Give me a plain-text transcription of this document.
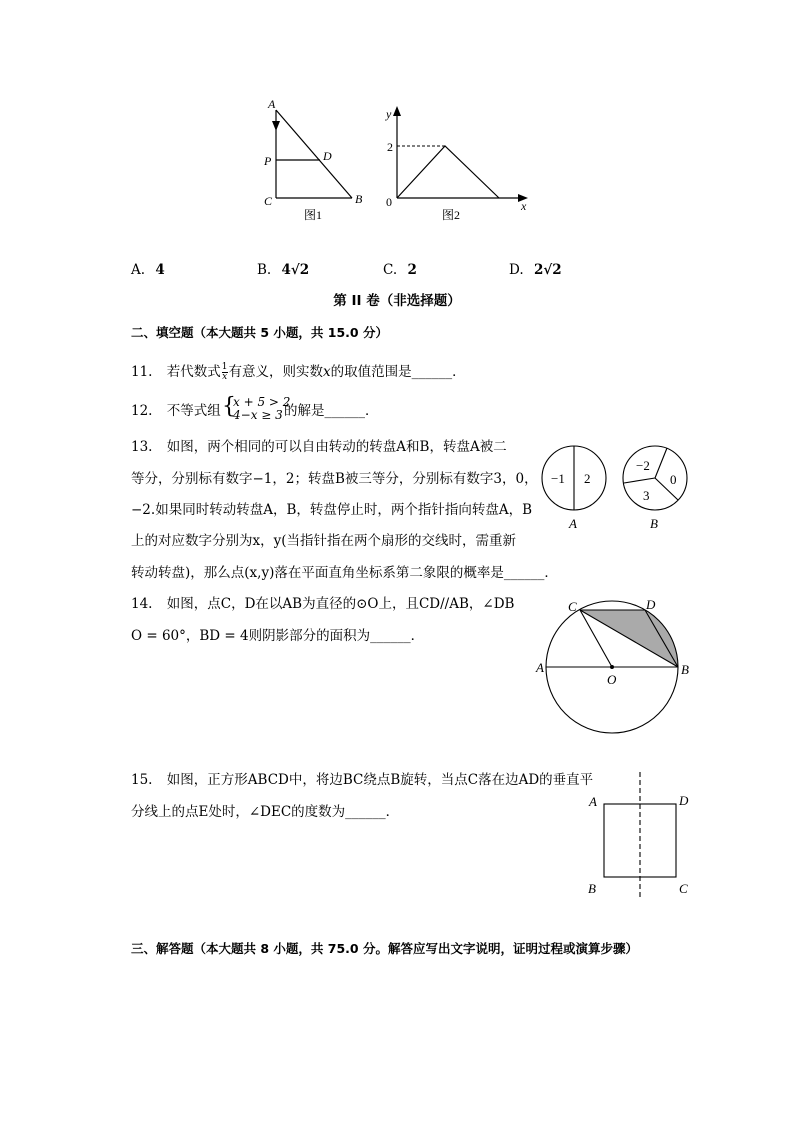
A
P	D
C	B
图1
y
2
0	x
图2
A. 4	B. 4√2	C. 2	D. 2√2
第 II 卷（非选择题）
二、填空题（本大题共 5 小题，共 15.0 分）
11. 若代数式 $\frac{1}{x}$ 有意义，则实数x的取值范围是______．
12. 不等式组 {
x + 5 > 2
4−x ≥ 3 的解是______．
13. 如图，两个相同的可以自由转动的转盘A和B，转盘A被二
等分，分别标有数字−1，2；转盘B被三等分，分别标有数字3，0，
−2.如果同时转动转盘A，B，转盘停止时，两个指针指向转盘A，B
上的对应数字分别为x，y(当指针指在两个扇形的交线时，需重新
转动转盘)，那么点(x,y)落在平面直角坐标系第二象限的概率是______．
−1 2
A
−2
0
3
B
14. 如图，点C，D在以AB为直径的⊙O上，且CD//AB，∠DB
O = 60°，BD = 4则阴影部分的面积为______．
C	D
A	B
O
15. 如图，正方形ABCD中，将边BC绕点B旋转，当点C落在边AD的垂直平
分线上的点E处时，∠DEC的度数为______．
A	D
B	C
三、解答题（本大题共 8 小题，共 75.0 分。解答应写出文字说明，证明过程或演算步骤）
